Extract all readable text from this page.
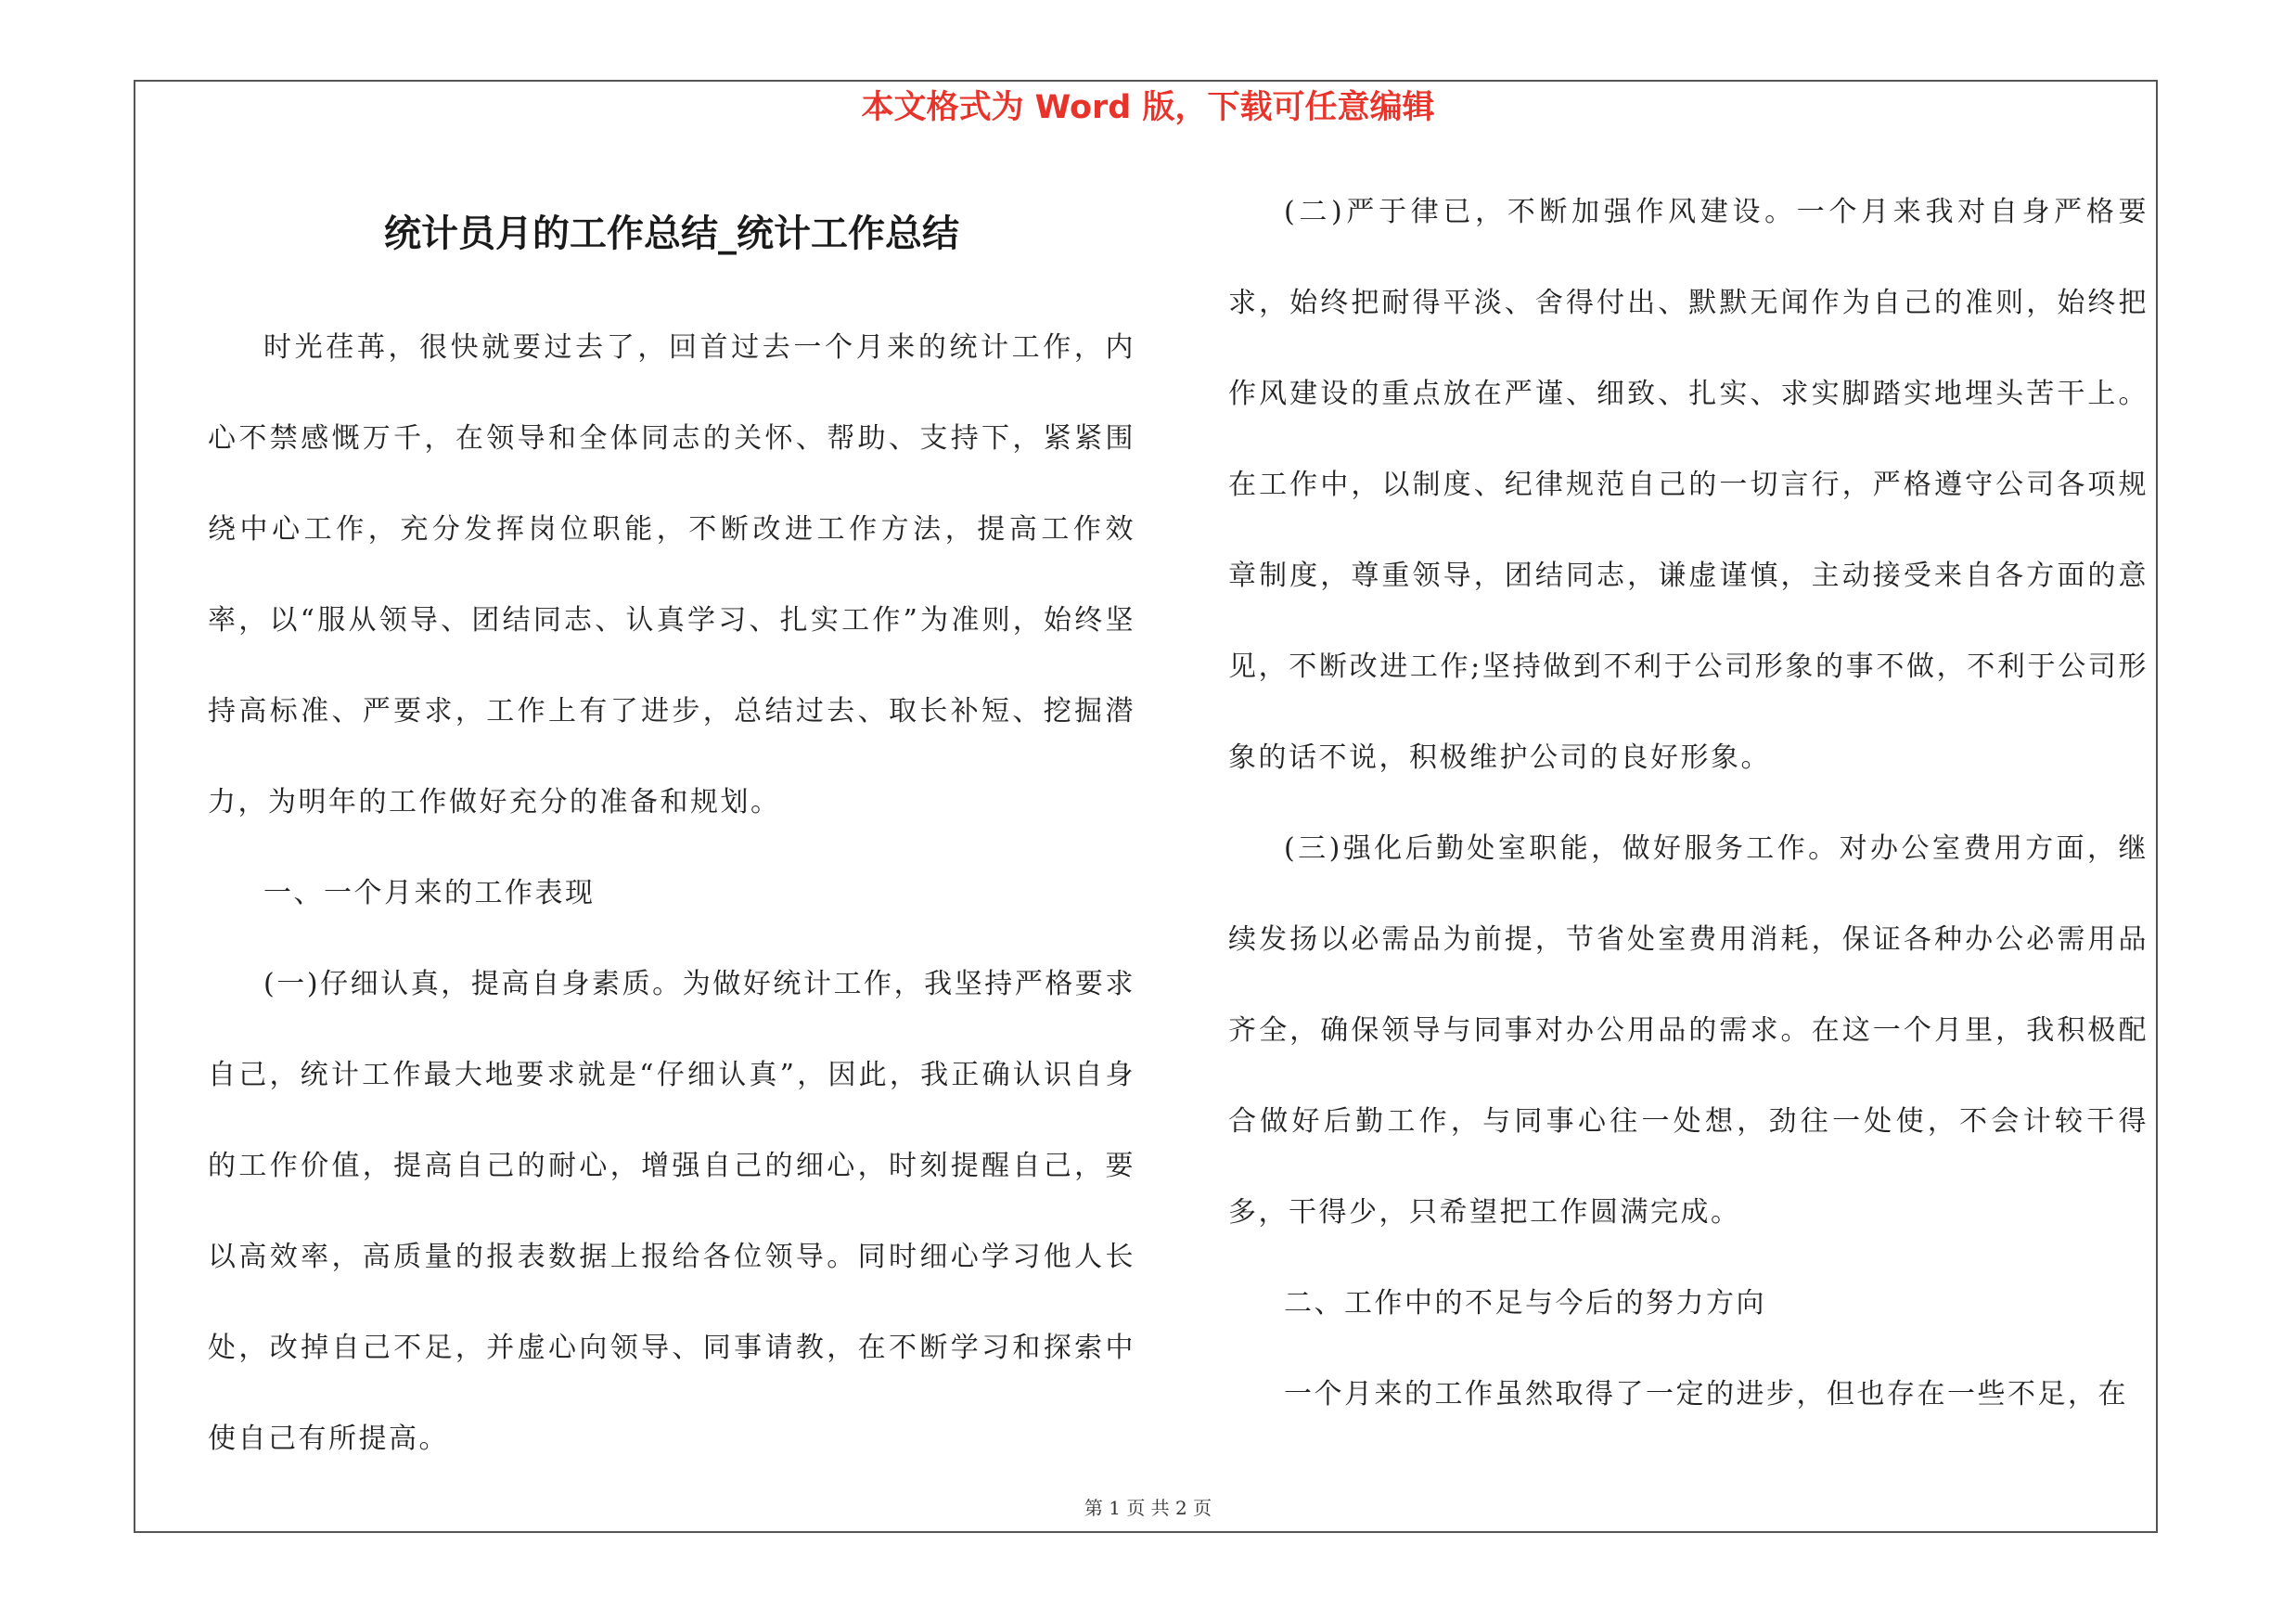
本文格式为 Word 版，下载可任意编辑
统计员月的工作总结_统计工作总结

时光荏苒，很快就要过去了，回首过去一个月来的统计工作，内心不禁感慨万千，在领导和全体同志的关怀、帮助、支持下，紧紧围绕中心工作，充分发挥岗位职能，不断改进工作方法，提高工作效率，以“服从领导、团结同志、认真学习、扎实工作”为准则，始终坚持高标准、严要求，工作上有了进步，总结过去、取长补短、挖掘潜力，为明年的工作做好充分的准备和规划。

一、一个月来的工作表现

(一)仔细认真，提高自身素质。为做好统计工作，我坚持严格要求自己，统计工作最大地要求就是“仔细认真”，因此，我正确认识自身的工作价值，提高自己的耐心，增强自己的细心，时刻提醒自己，要以高效率，高质量的报表数据上报给各位领导。同时细心学习他人长处，改掉自己不足，并虚心向领导、同事请教，在不断学习和探索中使自己有所提高。

(二)严于律已，不断加强作风建设。一个月来我对自身严格要求，始终把耐得平淡、舍得付出、默默无闻作为自己的准则，始终把作风建设的重点放在严谨、细致、扎实、求实脚踏实地埋头苦干上。在工作中，以制度、纪律规范自己的一切言行，严格遵守公司各项规章制度，尊重领导，团结同志，谦虚谨慎，主动接受来自各方面的意见，不断改进工作;坚持做到不利于公司形象的事不做，不利于公司形象的话不说，积极维护公司的良好形象。

(三)强化后勤处室职能，做好服务工作。对办公室费用方面，继续发扬以必需品为前提，节省处室费用消耗，保证各种办公必需用品齐全，确保领导与同事对办公用品的需求。在这一个月里，我积极配合做好后勤工作，与同事心往一处想，劲往一处使，不会计较干得多，干得少，只希望把工作圆满完成。

二、工作中的不足与今后的努力方向

一个月来的工作虽然取得了一定的进步，但也存在一些不足，在

第 1 页 共 2 页
